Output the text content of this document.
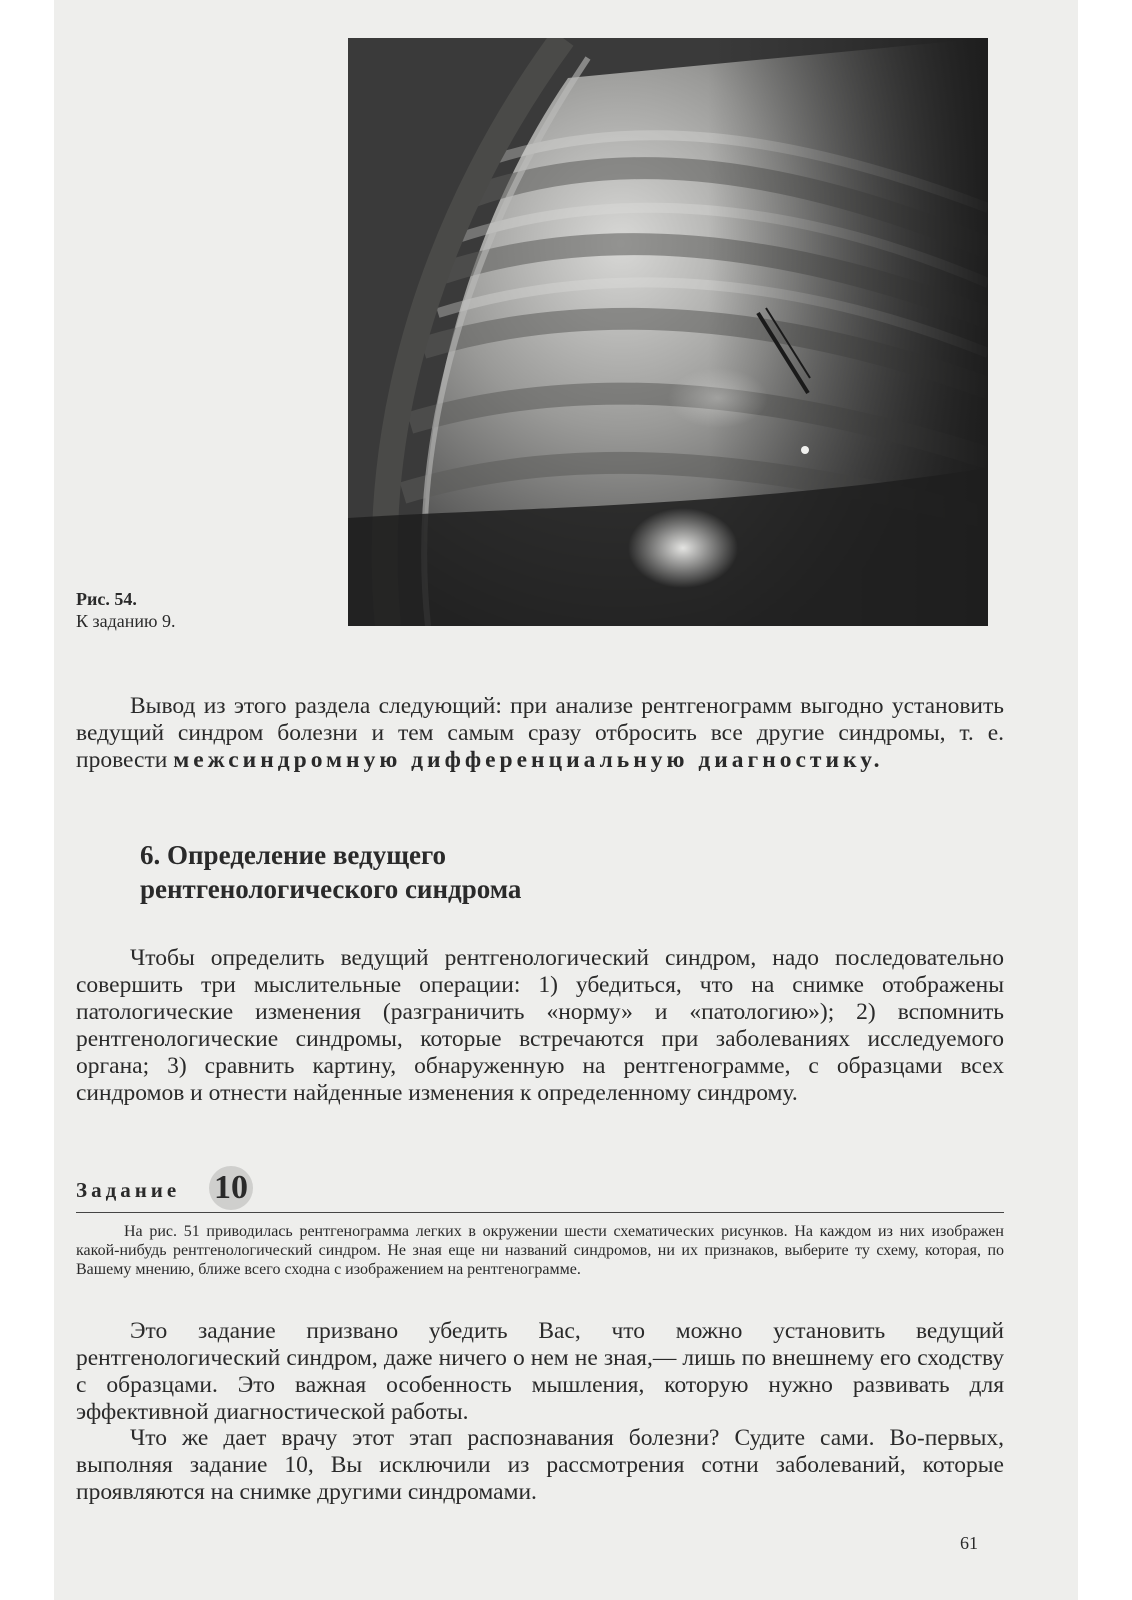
Рис. 54.
К заданию 9.
Вывод из этого раздела следующий: при анализе рентгенограмм выгодно установить ведущий синдром болезни и тем самым сразу отбросить все другие синдромы, т. е. провести межсиндромную дифференциальную диагностику.
6. Определение ведущего
рентгенологического синдрома
Чтобы определить ведущий рентгенологический синдром, надо последовательно совершить три мыслительные операции: 1) убедиться, что на снимке отображены патологические изменения (разграничить «норму» и «патологию»); 2) вспомнить рентгенологические синдромы, которые встречаются при заболеваниях исследуемого органа; 3) сравнить картину, обнаруженную на рентгенограмме, с образцами всех синдромов и отнести найденные изменения к определенному синдрому.
Задание 10
На рис. 51 приводилась рентгенограмма легких в окружении шести схематических рисунков. На каждом из них изображен какой-нибудь рентгенологический синдром. Не зная еще ни названий синдромов, ни их признаков, выберите ту схему, которая, по Вашему мнению, ближе всего сходна с изображением на рентгенограмме.
Это задание призвано убедить Вас, что можно установить ведущий рентгенологический синдром, даже ничего о нем не зная,— лишь по внешнему его сходству с образцами. Это важная особенность мышления, которую нужно развивать для эффективной диагностической работы.
Что же дает врачу этот этап распознавания болезни? Судите сами. Во-первых, выполняя задание 10, Вы исключили из рассмотрения сотни заболеваний, которые проявляются на снимке другими синдромами.
61
